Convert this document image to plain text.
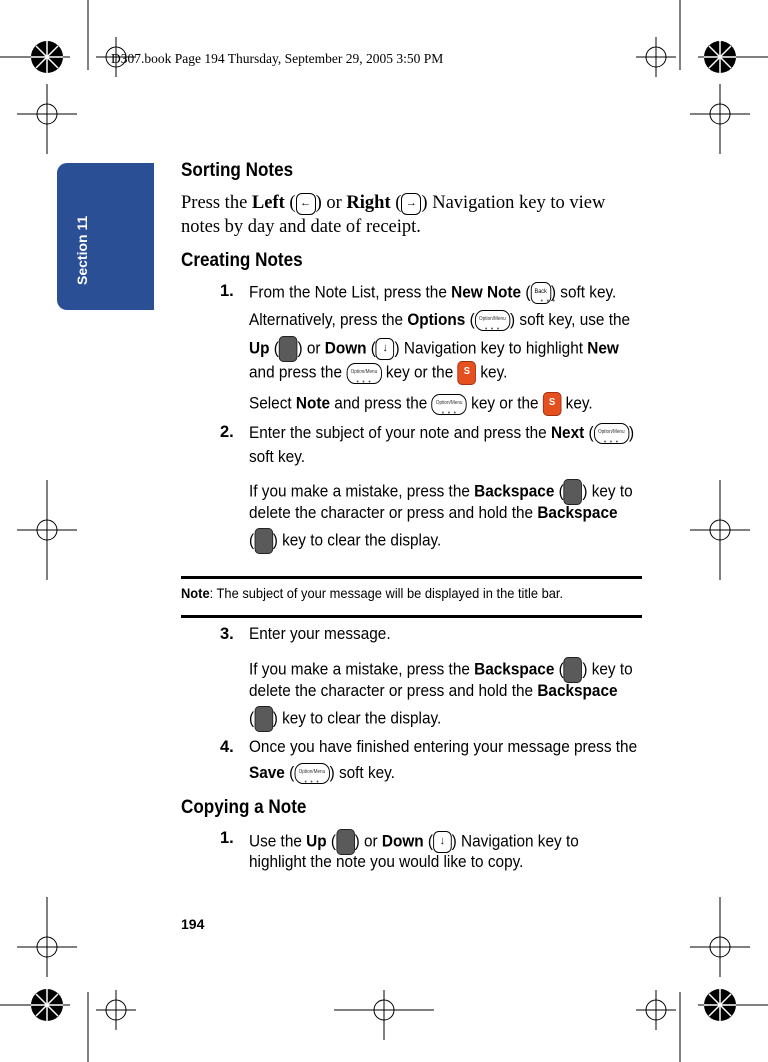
D307.book Page 194 Thursday, September 29, 2005 3:50 PM
Section 11
Sorting Notes

Press the Left ( ← ) or Right ( → ) Navigation key to view
notes by day and date of receipt.

Creating Notes
1. From the Note List, press the New Note ( Back
• • •
) soft key.
Alternatively, press the Options ( Option/Menu
• • •
) soft key, use the
Up ( ) or Down ( ↓ ) Navigation key to highlight New
and press the Option/Menu
• • •
key or the S key.
Select Note and press the Option/Menu
• • •
key or the S key.
2. Enter the subject of your note and press the Next ( Option/Menu
• • •
)
soft key.
If you make a mistake, press the Backspace ( ) key to
delete the character or press and hold the Backspace
( ) key to clear the display.
Note: The subject of your message will be displayed in the title bar.
3. Enter your message.
If you make a mistake, press the Backspace ( ) key to
delete the character or press and hold the Backspace
( ) key to clear the display.
4. Once you have finished entering your message press the
Save ( Option/Menu
• • •
) soft key.
Copying a Note
1. Use the Up ( ) or Down ( ↓ ) Navigation key to
highlight the note you would like to copy.
194
